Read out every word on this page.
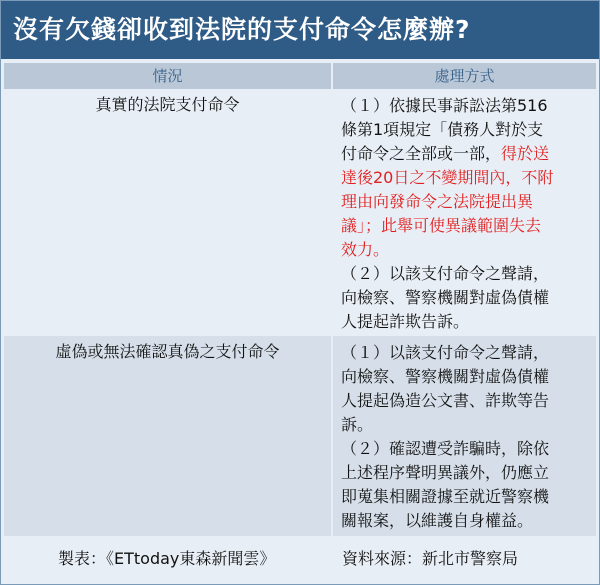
沒有欠錢卻收到法院的支付命令怎麼辦?
情況	處理方式
真實的法院支付命令	（１）依據民事訴訟法第516
條第1項規定「債務人對於支
付命令之全部或一部，得於送
達後20日之不變期間內，不附
理由向發命令之法院提出異
議」；此舉可使異議範圍失去
效力。
（２）以該支付命令之聲請，
向檢察、警察機關對虛偽債權
人提起詐欺告訴。
虛偽或無法確認真偽之支付命令	（１）以該支付命令之聲請，
向檢察、警察機關對虛偽債權
人提起偽造公文書、詐欺等告
訴。
（２）確認遭受詐騙時，除依
上述程序聲明異議外，仍應立
即蒐集相關證據至就近警察機
關報案，以維護自身權益。
製表：《ETtoday東森新聞雲》	資料來源：新北市警察局
